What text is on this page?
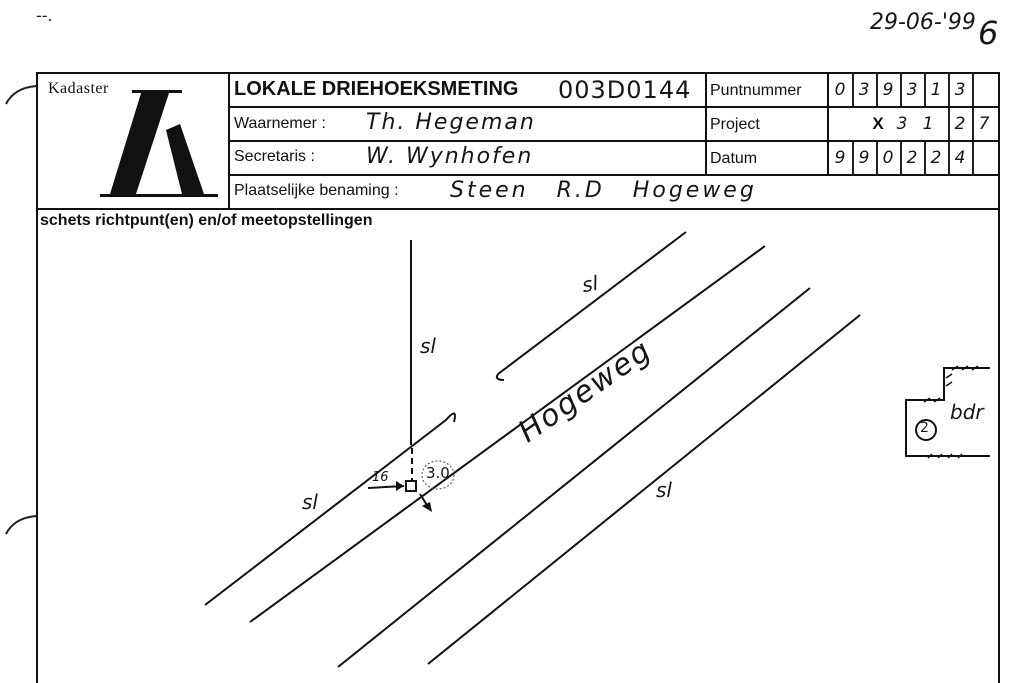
--.	29-06-'99 6
Kadaster
K
LOKALE DRIEHOEKSMETING 003D0144 Puntnummer	0 3 9 3 1 3
Waarnemer : Th. Hegeman	Project	X 3 1	2 7
Secretaris : W. Wynhofen	Datum	9 9 0 2 2 4
Plaatselijke benaming : Steen R.D Hogeweg
schets richtpunt(en) en/of meetopstellingen
sl
sl
sl	sl
Hogeweg
16 3.0
bdr
2
